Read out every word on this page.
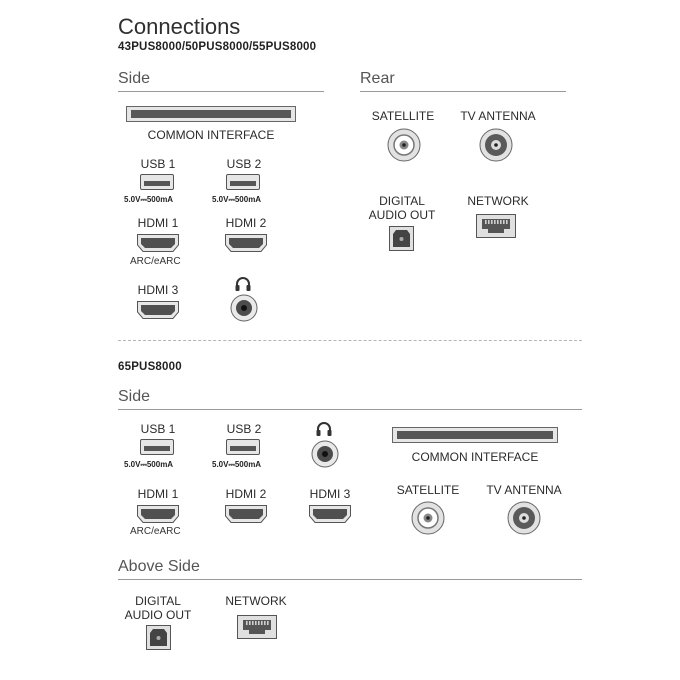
Connections
43PUS8000/50PUS8000/55PUS8000
Side	Rear
COMMON INTERFACE
USB 1
5.0V⎓500mA
USB 2
5.0V⎓500mA
HDMI 1
ARC/eARC
HDMI 2
HDMI 3
SATELLITE	TV ANTENNA
DIGITAL
AUDIO OUT
NETWORK
65PUS8000
Side
USB 1
5.0V⎓500mA
USB 2
5.0V⎓500mA
COMMON INTERFACE
HDMI 1
ARC/eARC
HDMI 2	HDMI 3	SATELLITE	TV ANTENNA
Above Side
DIGITAL
AUDIO OUT
NETWORK
